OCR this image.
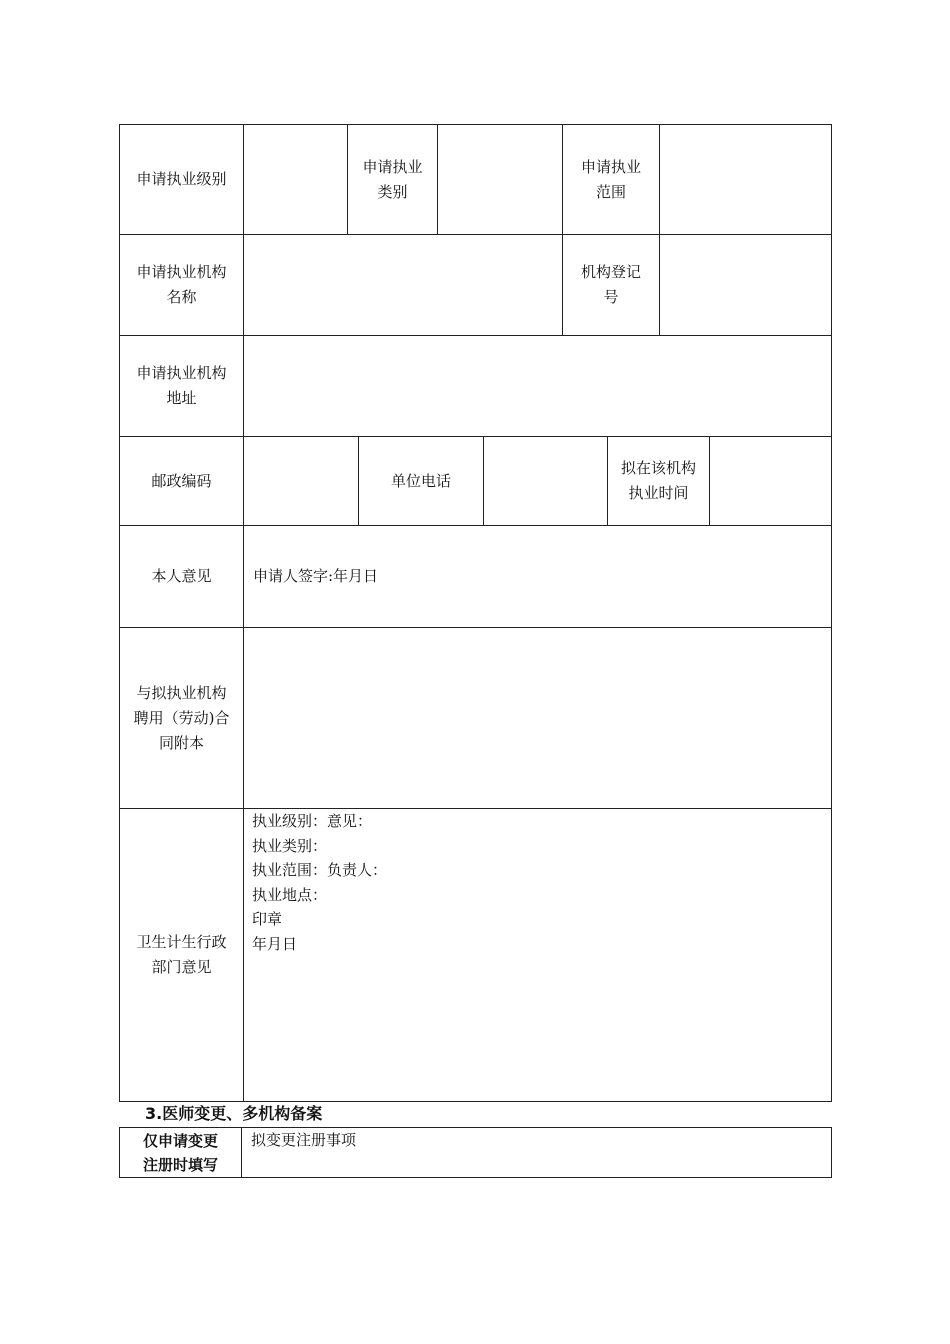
申请执业级别
申请执业
类别
申请执业
范围
申请执业机构
名称
机构登记
号
申请执业机构
地址
邮政编码	单位电话
拟在该机构
执业时间
本人意见	申请人签字:年月日
与拟执业机构
聘用（劳动)合
同附本
卫生计生行政
部门意见
执业级别：意见：
执业类别：
执业范围：负责人：
执业地点：
印章
年月日
3.医师变更、多机构备案
仅申请变更
注册时填写
拟变更注册事项
